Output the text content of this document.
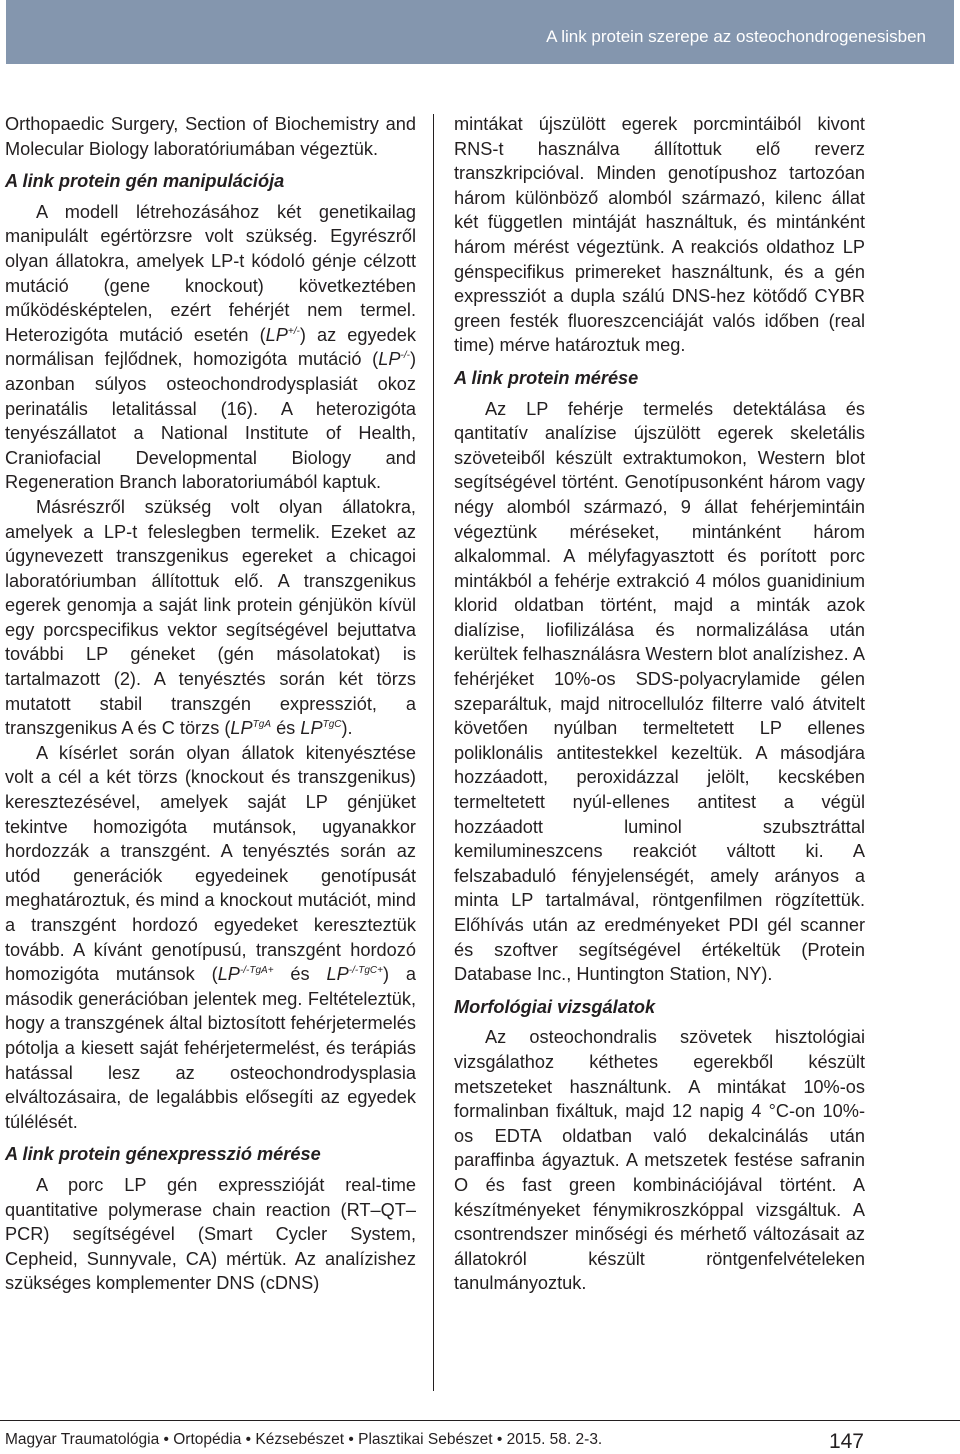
A link protein szerepe az osteochondrogenesisben

Orthopaedic Surgery, Section of Biochemistry and Molecular Biology laboratóriumában végeztük.

A link protein gén manipulációja

A modell létrehozásához két genetikailag manipulált egértörzsre volt szükség. Egyrészről olyan állatokra, amelyek LP-t kódoló génje célzott mutáció (gene knockout) következtében működésképtelen, ezért fehérjét nem termel. Heterozigóta mutáció esetén (LP+/-) az egyedek normálisan fejlődnek, homozigóta mutáció (LP-/-) azonban súlyos osteochondrodysplasiát okoz perinatális letalitással (16). A heterozigóta tenyészállatot a National Institute of Health, Craniofacial Developmental Biology and Regeneration Branch laboratoriumából kaptuk.

Másrészről szükség volt olyan állatokra, amelyek a LP-t feleslegben termelik. Ezeket az úgynevezett transzgenikus egereket a chicagoi laboratóriumban állítottuk elő. A transzgenikus egerek genomja a saját link protein génjükön kívül egy porcspecifikus vektor segítségével bejuttatva további LP géneket (gén másolatokat) is tartalmazott (2). A tenyésztés során két törzs mutatott stabil transzgén expressziót, a transzgenikus A és C törzs ($LP^{TgA}$ és $LP^{TgC}$).

A kísérlet során olyan állatok kitenyésztése volt a cél a két törzs (knockout és transzgenikus) keresztezésével, amelyek saját LP génjüket tekintve homozigóta mutánsok, ugyanakkor hordozzák a transzgént. A tenyésztés során az utód generációk egyedeinek genotípusát meghatároztuk, és mind a knockout mutációt, mind a transzgént hordozó egyedeket kereszteztük tovább. A kívánt genotípusú, transzgént hordozó homozigóta mutánsok ($LP^{-/-TgA+}$ és $LP^{-/-TgC+}$) a második generációban jelentek meg. Feltételeztük, hogy a transzgének által biztosított fehérjetermelés pótolja a kiesett saját fehérjetermelést, és terápiás hatással lesz az osteochondrodysplasia elváltozásaira, de legalábbis elősegíti az egyedek túlélését.

A link protein génexpresszió mérése

A porc LP gén expresszióját real-time quantitative polymerase chain reaction (RT–QT–PCR) segítségével (Smart Cycler System, Cepheid, Sunnyvale, CA) mértük. Az analízishez szükséges komplementer DNS (cDNS)

mintákat újszülött egerek porcmintáiból kivont RNS-t használva állítottuk elő reverz transzkripcióval. Minden genotípushoz tartozóan három különböző alomból származó, kilenc állat két független mintáját használtuk, és mintánként három mérést végeztünk. A reakciós oldathoz LP génspecifikus primereket használtunk, és a gén expressziót a dupla szálú DNS-hez kötődő CYBR green festék fluoreszcenciáját valós időben (real time) mérve határoztuk meg.

A link protein mérése

Az LP fehérje termelés detektálása és qantitatív analízise újszülött egerek skeletális szöveteiből készült extraktumokon, Western blot segítségével történt. Genotípusonként három vagy négy alomból származó, 9 állat fehérjemintáin végeztünk méréseket, mintánként három alkalommal. A mélyfagyasztott és porított porc mintákból a fehérje extrakció 4 mólos guanidinium klorid oldatban történt, majd a minták azok dialízise, liofilizálása és normalizálása után kerültek felhasználásra Western blot analízishez. A fehérjéket 10%-os SDS-polyacrylamide gélen szeparáltuk, majd nitrocellulóz filterre való átvitelt követően nyúlban termeltetett LP ellenes poliklonális antitestekkel kezeltük. A másodjára hozzáadott, peroxidázzal jelölt, kecskében termeltetett nyúl-ellenes antitest a végül hozzáadott luminol szubsztráttal kemilumineszcens reakciót váltott ki. A felszabaduló fényjelenségét, amely arányos a minta LP tartalmával, röntgenfilmen rögzítettük. Előhívás után az eredményeket PDI gél scanner és szoftver segítségével értékeltük (Protein Database Inc., Huntington Station, NY).

Morfológiai vizsgálatok

Az osteochondralis szövetek hisztológiai vizsgálathoz kéthetes egerekből készült metszeteket használtunk. A mintákat 10%-os formalinban fixáltuk, majd 12 napig 4 °C-on 10%-os EDTA oldatban való dekalcinálás után paraffinba ágyaztuk. A metszetek festése safranin O és fast green kombinációjával történt. A készítményeket fénymikroszkóppal vizsgáltuk. A csontrendszer minőségi és mérhető változásait az állatokról készült röntgenfelvételeken tanulmányoztuk.

Magyar Traumatológia • Ortopédia • Kézsebészet • Plasztikai Sebészet • 2015. 58. 2-3.	147
